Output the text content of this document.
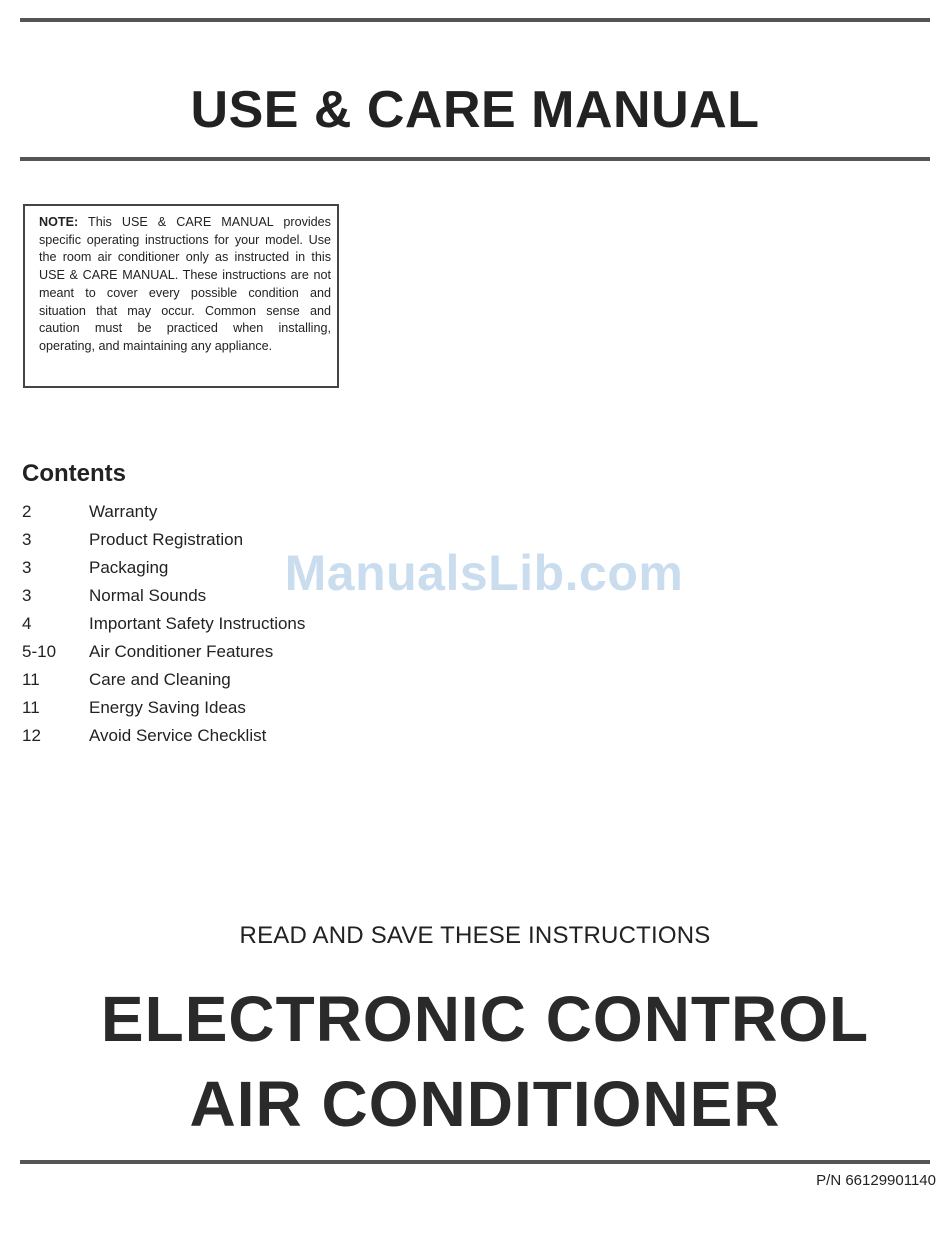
USE & CARE MANUAL
NOTE: This USE & CARE MANUAL provides specific operating instructions for your model. Use the room air conditioner only as instructed in this USE & CARE MANUAL. These instructions are not meant to cover every possible condition and situation that may occur. Common sense and caution must be practiced when installing, operating, and maintaining any appliance.
Contents
2	Warranty
3	Product Registration
3	Packaging
3	Normal Sounds
4	Important Safety Instructions
5-10 Air Conditioner Features
11	Care and Cleaning
11	Energy Saving Ideas
12	Avoid Service Checklist
ManualsLib.com
READ AND SAVE THESE INSTRUCTIONS
ELECTRONIC CONTROL
AIR CONDITIONER
P/N 66129901140
